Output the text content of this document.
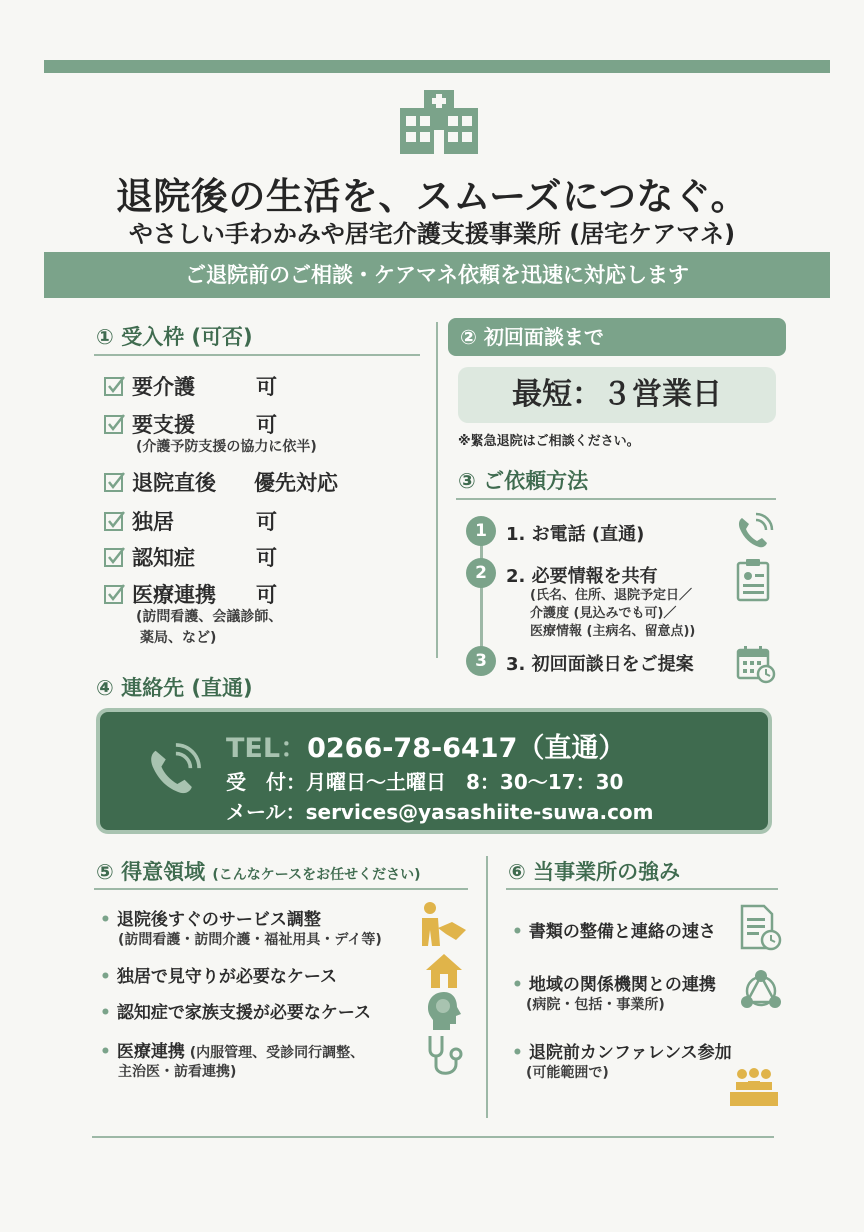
退院後の生活を、スムーズにつなぐ。
やさしい手わかみや居宅介護支援事業所 (居宅ケアマネ)
ご退院前のご相談・ケアマネ依頼を迅速に対応します
① 受入枠 (可否)
要介護	可
要支援	可
(介護予防支援の協力に依半)
退院直後 優先対応
独居	可
認知症	可
医療連携 可
(訪問看護、会議診師、
薬局、など)
② 初回面談まで
最短：３営業日
※緊急退院はご相談ください。
③ ご依頼方法
1	1. お電話 (直通)
2	2. 必要情報を共有
(氏名、住所、退院予定日／
介護度 (見込みでも可)／
医療情報 (主病名、留意点))
3	3. 初回面談日をご提案
④ 連絡先 (直通)
TEL：0266-78-6417（直通）
受　付：月曜日～土曜日　8：30～17：30
メール：services@yasashiite-suwa.com
⑤ 得意領域 (こんなケースをお任せください)
• 退院後すぐのサービス調整
(訪問看護・訪問介護・福祉用具・デイ等)
• 独居で見守りが必要なケース
• 認知症で家族支援が必要なケース
• 医療連携 (内服管理、受診同行調整、
主治医・訪看連携)
⑥ 当事業所の強み
• 書類の整備と連絡の速さ
• 地域の関係機関との連携
(病院・包括・事業所)
• 退院前カンファレンス参加
(可能範囲で)
